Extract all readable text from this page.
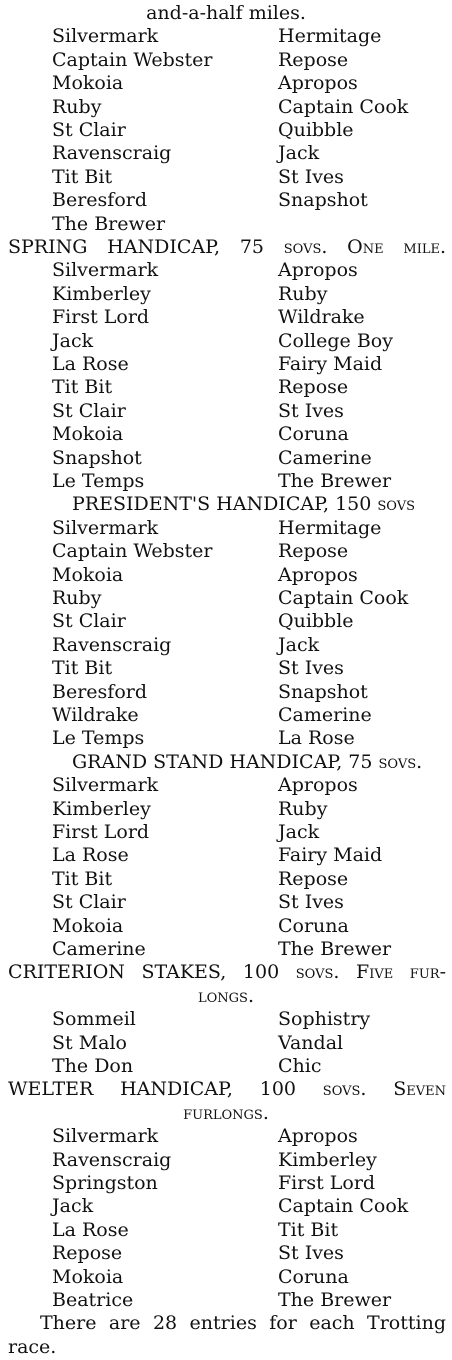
and-a-half miles.
Silvermark	Hermitage
Captain Webster	Repose
Mokoia	Apropos
Ruby	Captain Cook
St Clair	Quibble
Ravenscraig	Jack
Tit Bit	St Ives
Beresford	Snapshot
The Brewer
SPRING HANDICAP, 75 sovs. One mile.
Silvermark	Apropos
Kimberley	Ruby
First Lord	Wildrake
Jack	College Boy
La Rose	Fairy Maid
Tit Bit	Repose
St Clair	St Ives
Mokoia	Coruna
Snapshot	Camerine
Le Temps	The Brewer
PRESIDENT'S HANDICAP, 150 sovs
Silvermark	Hermitage
Captain Webster	Repose
Mokoia	Apropos
Ruby	Captain Cook
St Clair	Quibble
Ravenscraig	Jack
Tit Bit	St Ives
Beresford	Snapshot
Wildrake	Camerine
Le Temps	La Rose
GRAND STAND HANDICAP, 75 sovs.
Silvermark	Apropos
Kimberley	Ruby
First Lord	Jack
La Rose	Fairy Maid
Tit Bit	Repose
St Clair	St Ives
Mokoia	Coruna
Camerine	The Brewer
CRITERION STAKES, 100 sovs. Five fur-
longs.
Sommeil	Sophistry
St Malo	Vandal
The Don	Chic
WELTER HANDICAP, 100 sovs. Seven
furlongs.
Silvermark	Apropos
Ravenscraig	Kimberley
Springston	First Lord
Jack	Captain Cook
La Rose	Tit Bit
Repose	St Ives
Mokoia	Coruna
Beatrice	The Brewer
There are 28 entries for each Trotting
race.
